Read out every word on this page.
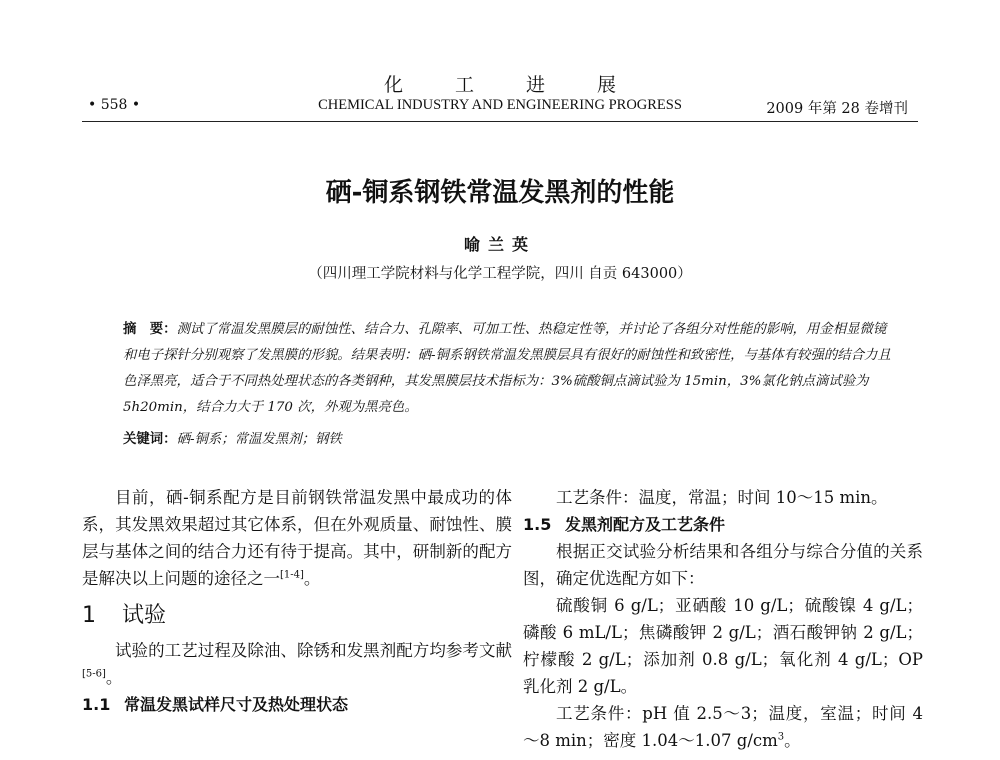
化	工	进	展
• 558 •	CHEMICAL INDUSTRY AND ENGINEERING PROGRESS	2009 年第 28 卷增刊
硒-铜系钢铁常温发黑剂的性能
喻兰英
（四川理工学院材料与化学工程学院，四川 自贡 643000）
摘　要：测试了常温发黑膜层的耐蚀性、结合力、孔隙率、可加工性、热稳定性等，并讨论了各组分对性能的影响，用金相显微镜和电子探针分别观察了发黑膜的形貌。结果表明：硒-铜系钢铁常温发黑膜层具有很好的耐蚀性和致密性，与基体有较强的结合力且色泽黑亮，适合于不同热处理状态的各类钢种，其发黑膜层技术指标为：3%硫酸铜点滴试验为 15min，3%氯化钠点滴试验为 5h20min，结合力大于 170 次，外观为黑亮色。
关键词：硒-铜系；常温发黑剂；钢铁

目前，硒-铜系配方是目前钢铁常温发黑中最成功的体系，其发黑效果超过其它体系，但在外观质量、耐蚀性、膜层与基体之间的结合力还有待于提高。其中，研制新的配方是解决以上问题的途径之一[1-4]。

1 试验

试验的工艺过程及除油、除锈和发黑剂配方均参考文献[5-6]。

1.1 常温发黑试样尺寸及热处理状态

工艺条件：温度，常温；时间 10～15 min。

1.5 发黑剂配方及工艺条件

根据正交试验分析结果和各组分与综合分值的关系图，确定优选配方如下：

硫酸铜 6 g/L；亚硒酸 10 g/L；硫酸镍 4 g/L；磷酸 6 mL/L；焦磷酸钾 2 g/L；酒石酸钾钠 2 g/L；柠檬酸 2 g/L；添加剂 0.8 g/L；氧化剂 4 g/L；OP 乳化剂 2 g/L。

工艺条件：pH 值 2.5～3；温度，室温；时间 4～8 min；密度 1.04～1.07 $g/cm^3$。
